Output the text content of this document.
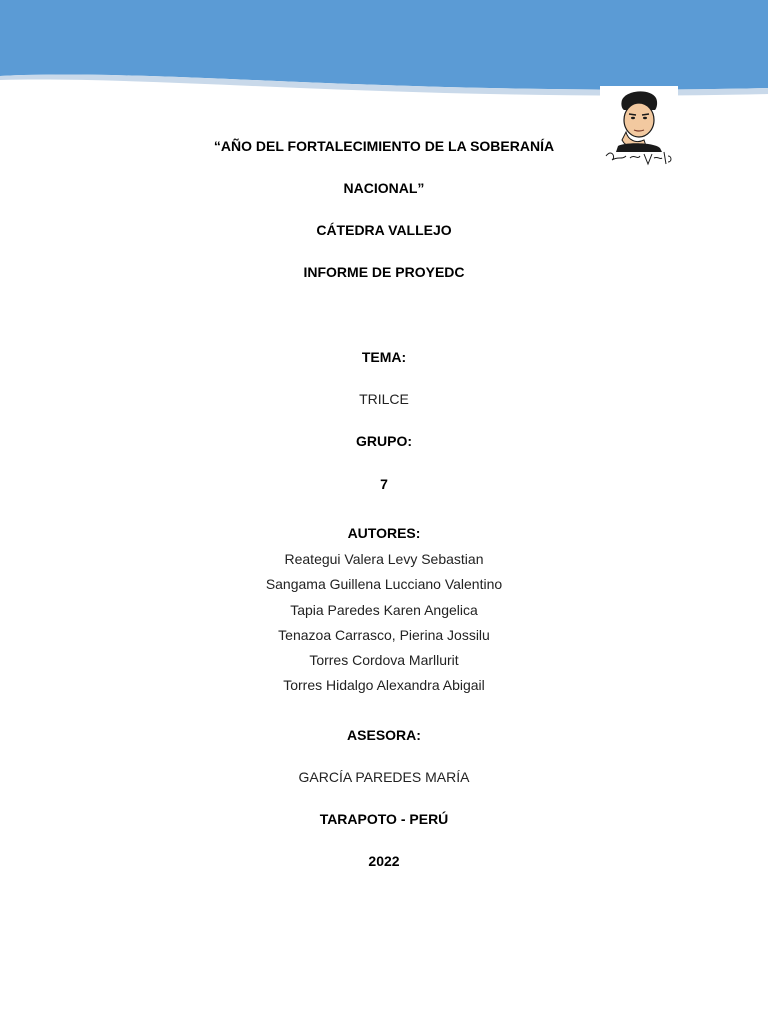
“AÑO DEL FORTALECIMIENTO DE LA SOBERANÍA
NACIONAL”
CÁTEDRA VALLEJO
INFORME DE PROYEDC
TEMA:
TRILCE
GRUPO:
7
AUTORES:
Reategui Valera Levy Sebastian
Sangama Guillena Lucciano Valentino
Tapia Paredes Karen Angelica
Tenazoa Carrasco, Pierina Jossilu
Torres Cordova Marllurit
Torres Hidalgo Alexandra Abigail
ASESORA:
GARCÍA PAREDES MARÍA
TARAPOTO - PERÚ
2022
